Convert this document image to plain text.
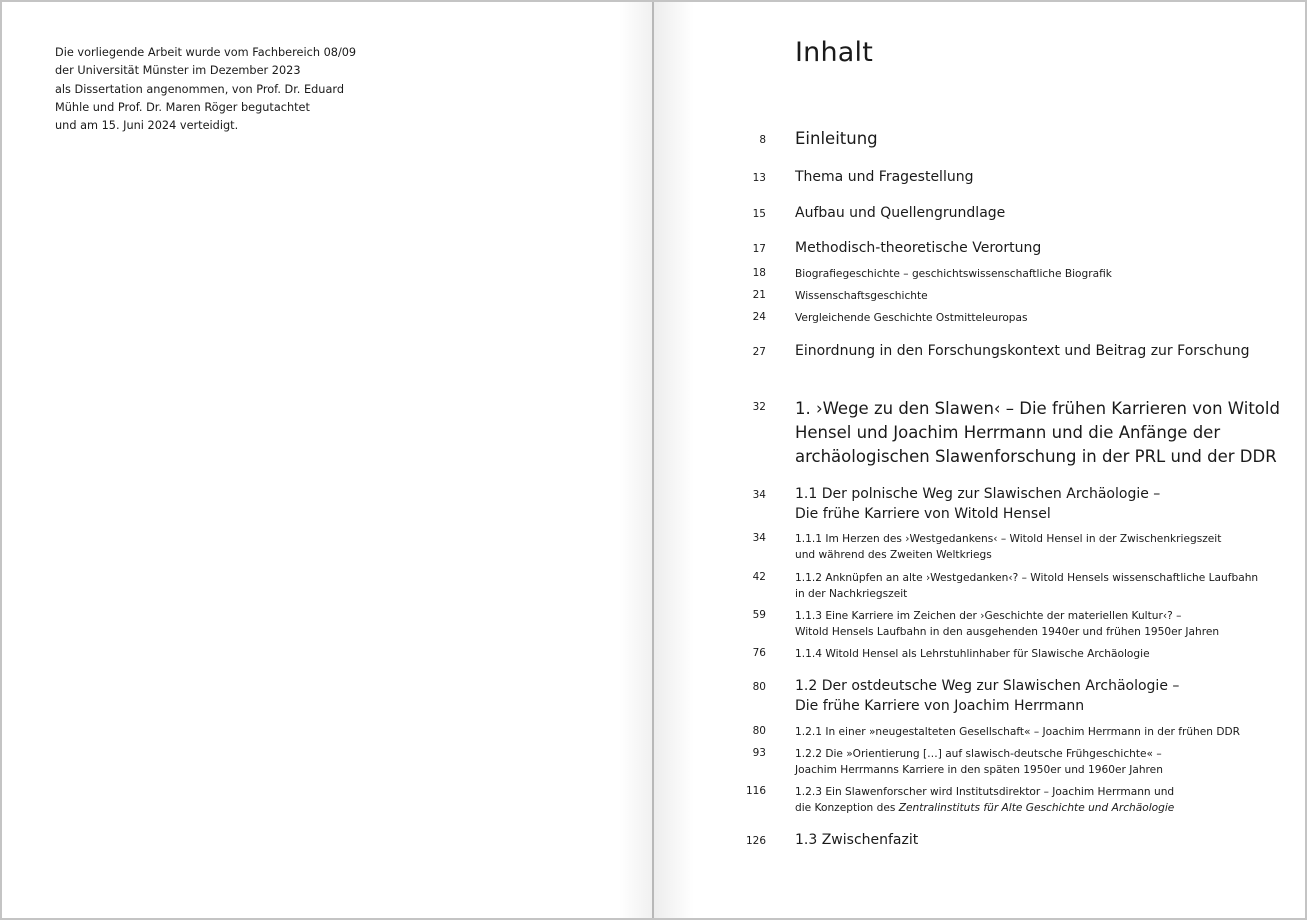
Die vorliegende Arbeit wurde vom Fachbereich 08/09
der Universität Münster im Dezember 2023
als Dissertation angenommen, von Prof. Dr. Eduard
Mühle und Prof. Dr. Maren Röger begutachtet
und am 15. Juni 2024 verteidigt.
Inhalt
8 Einleitung
13 Thema und Fragestellung
15 Aufbau und Quellengrundlage
17 Methodisch-theoretische Verortung
18	Biografiegeschichte – geschichtswissenschaftliche Biografik
21	Wissenschaftsgeschichte
24	Vergleichende Geschichte Ostmitteleuropas
27 Einordnung in den Forschungskontext und Beitrag zur Forschung
32 1. ›Wege zu den Slawen‹ – Die frühen Karrieren von Witold
Hensel und Joachim Herrmann und die Anfänge der
archäologischen Slawenforschung in der PRL und der DDR
34 1.1 Der polnische Weg zur Slawischen Archäologie –
Die frühe Karriere von Witold Hensel
34	1.1.1 Im Herzen des ›Westgedankens‹ – Witold Hensel in der Zwischenkriegszeit
und während des Zweiten Weltkriegs
42	1.1.2 Anknüpfen an alte ›Westgedanken‹? – Witold Hensels wissenschaftliche Laufbahn
in der Nachkriegszeit
59	1.1.3 Eine Karriere im Zeichen der ›Geschichte der materiellen Kultur‹? –
Witold Hensels Laufbahn in den ausgehenden 1940er und frühen 1950er Jahren
76	1.1.4 Witold Hensel als Lehrstuhlinhaber für Slawische Archäologie
80 1.2 Der ostdeutsche Weg zur Slawischen Archäologie –
Die frühe Karriere von Joachim Herrmann
80	1.2.1 In einer »neugestalteten Gesellschaft« – Joachim Herrmann in der frühen DDR
93	1.2.2 Die »Orientierung […] auf slawisch-deutsche Frühgeschichte« –
Joachim Herrmanns Karriere in den späten 1950er und 1960er Jahren
116	1.2.3 Ein Slawenforscher wird Institutsdirektor – Joachim Herrmann und
die Konzeption des Zentralinstituts für Alte Geschichte und Archäologie
126 1.3 Zwischenfazit
